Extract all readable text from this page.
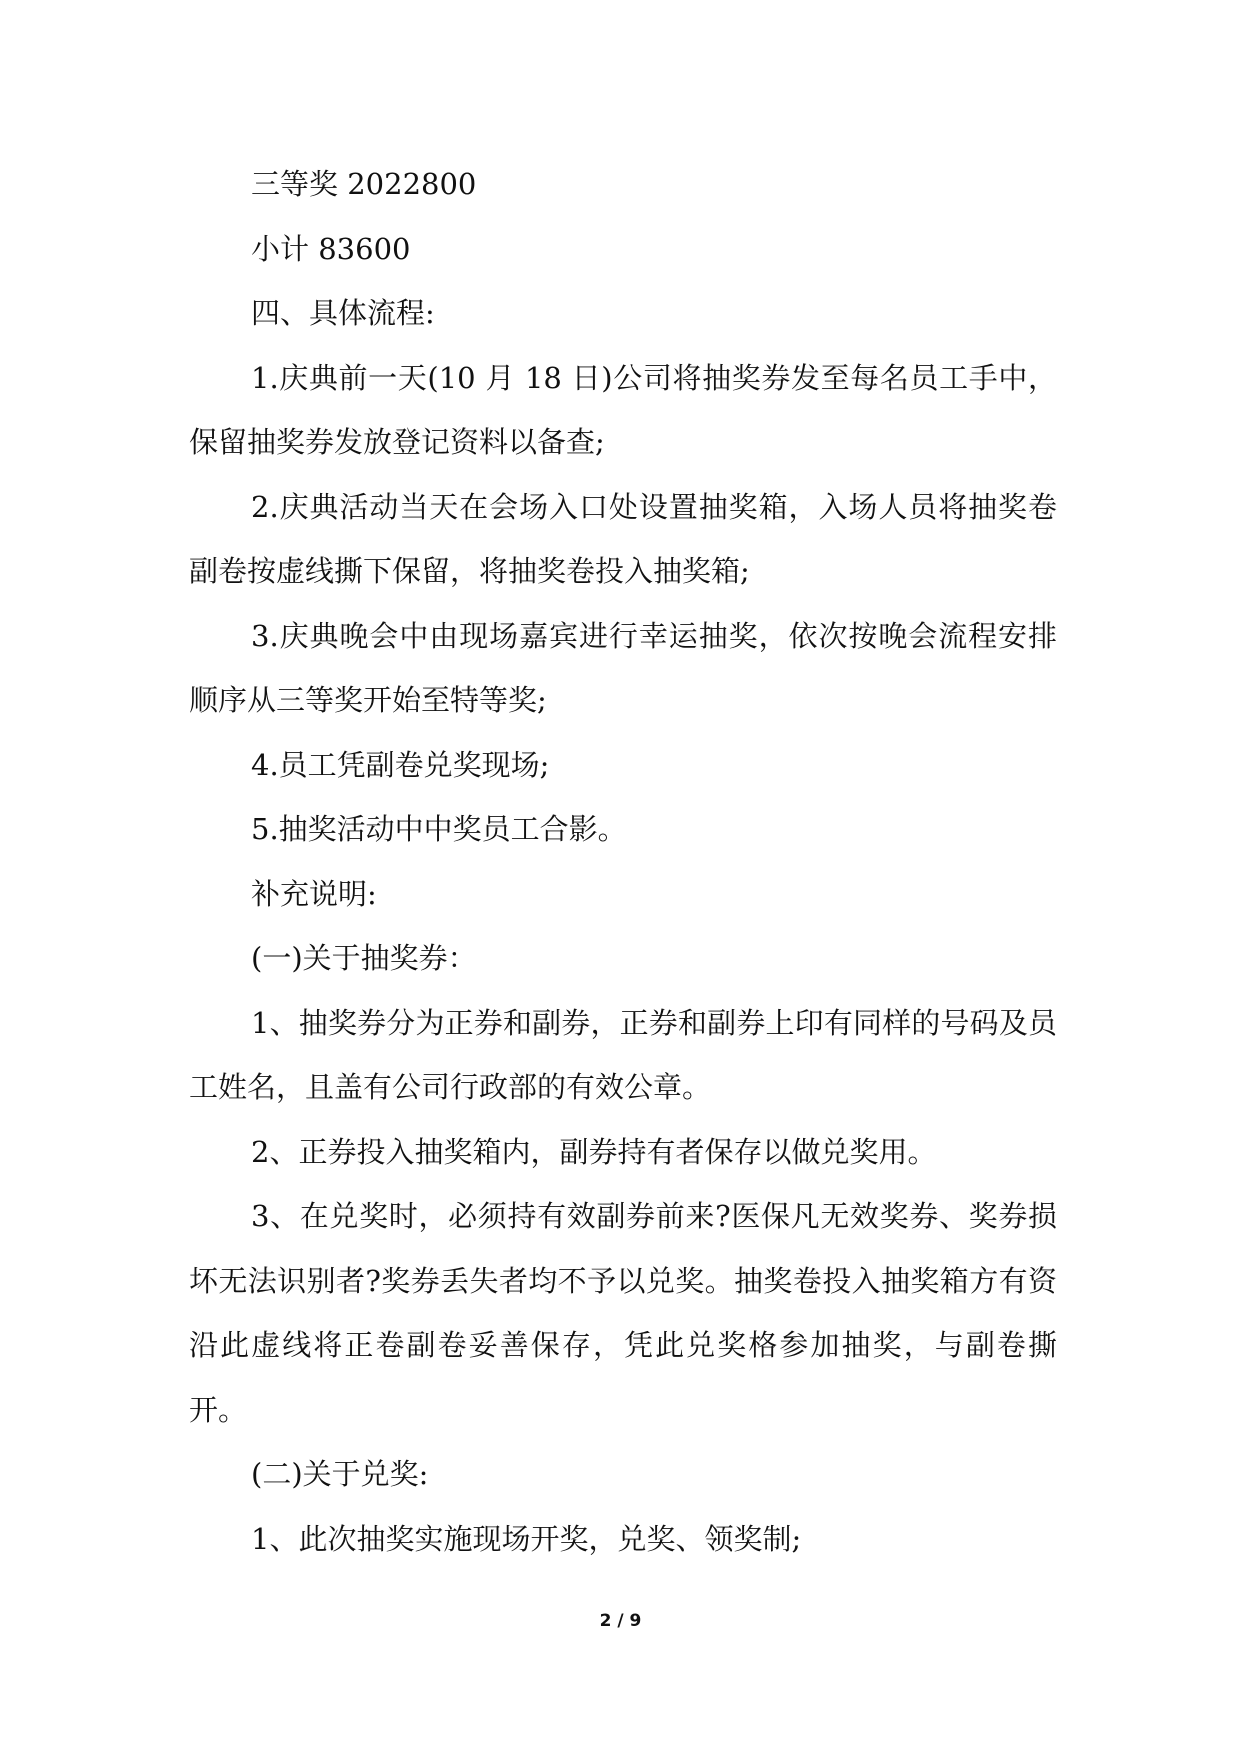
三等奖 2022800

小计 83600

四、具体流程:

1.庆典前一天(10 月 18 日)公司将抽奖券发至每名员工手中，保留抽奖券发放登记资料以备查;

2.庆典活动当天在会场入口处设置抽奖箱，入场人员将抽奖卷副卷按虚线撕下保留，将抽奖卷投入抽奖箱;

3.庆典晚会中由现场嘉宾进行幸运抽奖，依次按晚会流程安排顺序从三等奖开始至特等奖;

4.员工凭副卷兑奖现场;

5.抽奖活动中中奖员工合影。

补充说明:

(一)关于抽奖券：

1、抽奖券分为正券和副券，正券和副券上印有同样的号码及员工姓名，且盖有公司行政部的有效公章。

2、正券投入抽奖箱内，副券持有者保存以做兑奖用。

3、在兑奖时，必须持有效副券前来?医保凡无效奖券、奖券损坏无法识别者?奖券丢失者均不予以兑奖。抽奖卷投入抽奖箱方有资沿此虚线将正卷副卷妥善保存，凭此兑奖格参加抽奖，与副卷撕开。

(二)关于兑奖:

1、此次抽奖实施现场开奖，兑奖、领奖制;

2 / 9
